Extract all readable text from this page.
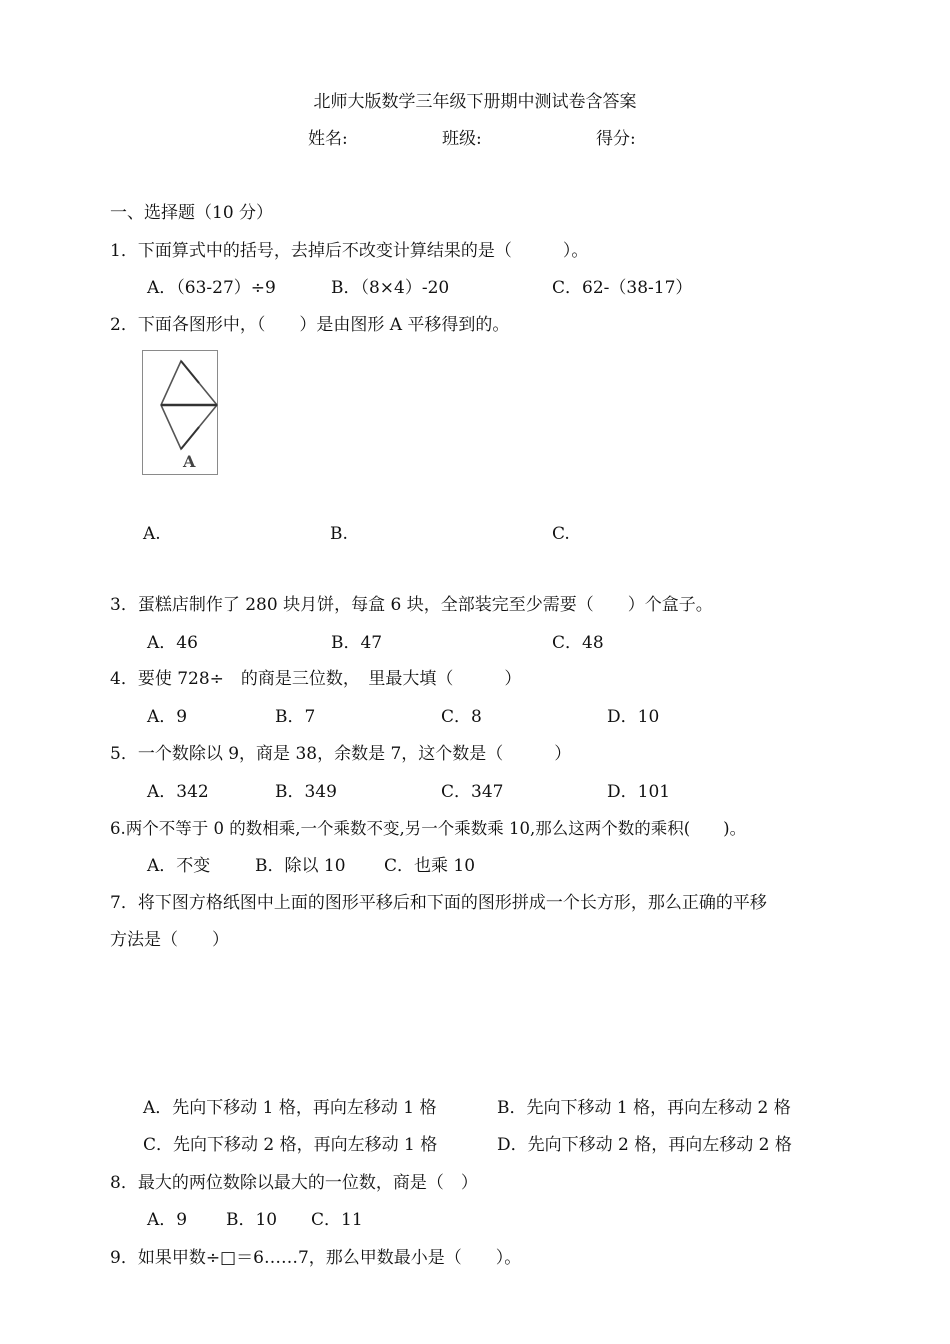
北师大版数学三年级下册期中测试卷含答案
姓名:	班级:	得分:
一、选择题（10 分）
1．下面算式中的括号，去掉后不改变计算结果的是（　　　）。
A．（63-27）÷9	B．（8×4）-20	C．62-（38-17）
2．下面各图形中，（　　）是由图形 A 平移得到的。
A
A.	B.	C.
3．蛋糕店制作了 280 块月饼，每盒 6 块，全部装完至少需要（　　）个盒子。
A．46	B．47	C．48
4．要使 728÷　的商是三位数，　里最大填（　　　）
A．9	B．7	C．8	D．10
5．一个数除以 9，商是 38，余数是 7，这个数是（　　　）
A．342	B．349	C．347	D．101
6.两个不等于 0 的数相乘,一个乘数不变,另一个乘数乘 10,那么这两个数的乘积(　　)。
A．不变	B．除以 10 C．也乘 10
7．将下图方格纸图中上面的图形平移后和下面的图形拼成一个长方形，那么正确的平移
方法是（　　）
A．先向下移动 1 格，再向左移动 1 格	B．先向下移动 1 格，再向左移动 2 格
C．先向下移动 2 格，再向左移动 1 格	D．先向下移动 2 格，再向左移动 2 格
8．最大的两位数除以最大的一位数，商是（　）
A．9 B．10 C．11
9．如果甲数÷□＝6……7，那么甲数最小是（　　）。
